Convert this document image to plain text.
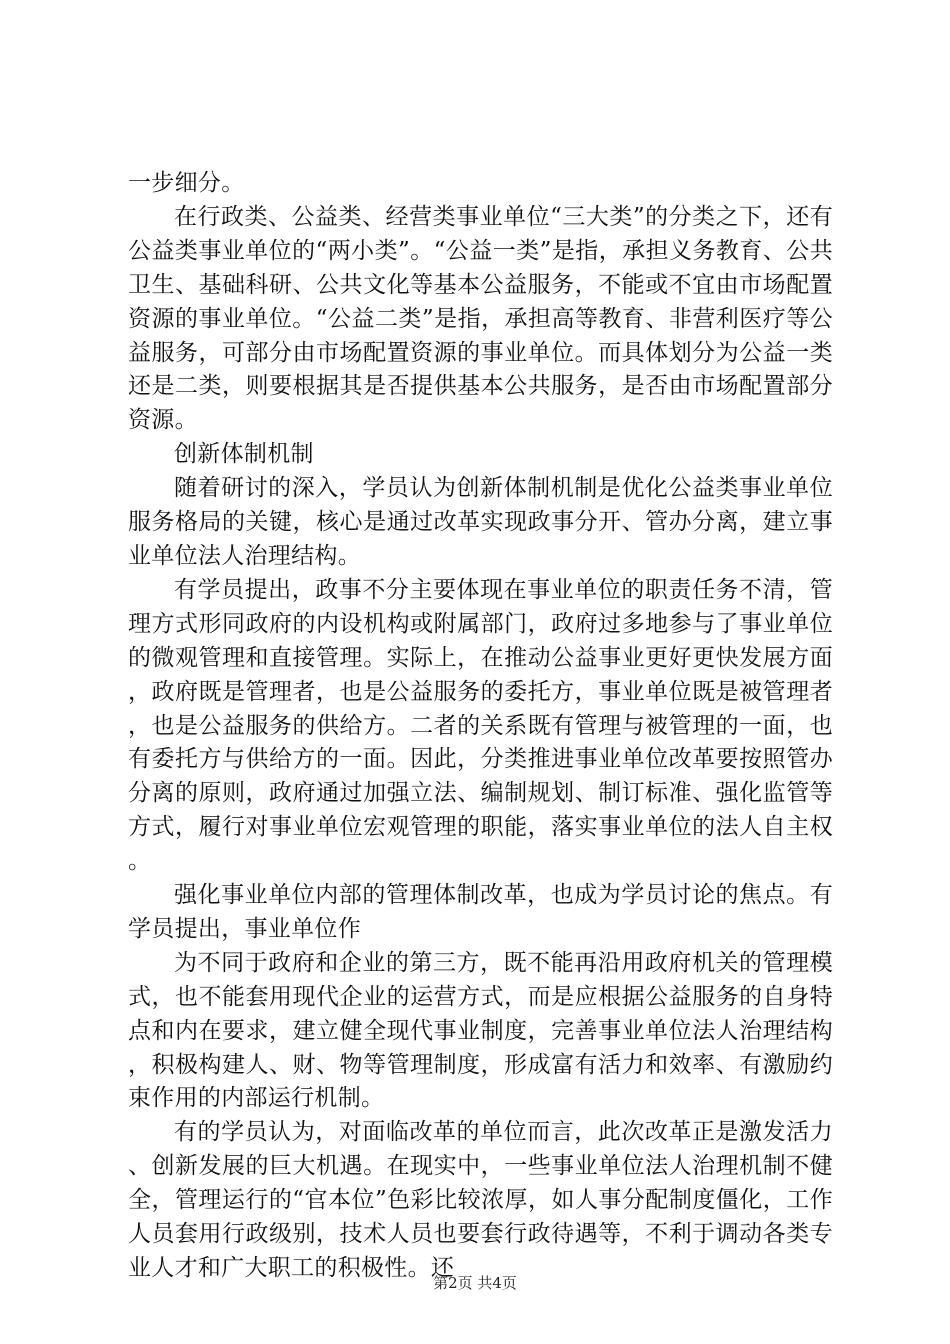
一步细分。

在行政类、公益类、经营类事业单位“三大类”的分类之下，还有公益类事业单位的“两小类”。“公益一类”是指，承担义务教育、公共卫生、基础科研、公共文化等基本公益服务，不能或不宜由市场配置资源的事业单位。“公益二类”是指，承担高等教育、非营利医疗等公益服务，可部分由市场配置资源的事业单位。而具体划分为公益一类还是二类，则要根据其是否提供基本公共服务，是否由市场配置部分资源。

创新体制机制

随着研讨的深入，学员认为创新体制机制是优化公益类事业单位服务格局的关键，核心是通过改革实现政事分开、管办分离，建立事业单位法人治理结构。

有学员提出，政事不分主要体现在事业单位的职责任务不清，管理方式形同政府的内设机构或附属部门，政府过多地参与了事业单位的微观管理和直接管理。实际上，在推动公益事业更好更快发展方面，政府既是管理者，也是公益服务的委托方，事业单位既是被管理者，也是公益服务的供给方。二者的关系既有管理与被管理的一面，也有委托方与供给方的一面。因此，分类推进事业单位改革要按照管办分离的原则，政府通过加强立法、编制规划、制订标准、强化监管等方式，履行对事业单位宏观管理的职能，落实事业单位的法人自主权。

强化事业单位内部的管理体制改革，也成为学员讨论的焦点。有学员提出，事业单位作

为不同于政府和企业的第三方，既不能再沿用政府机关的管理模式，也不能套用现代企业的运营方式，而是应根据公益服务的自身特点和内在要求，建立健全现代事业制度，完善事业单位法人治理结构，积极构建人、财、物等管理制度，形成富有活力和效率、有激励约束作用的内部运行机制。

有的学员认为，对面临改革的单位而言，此次改革正是激发活力、创新发展的巨大机遇。在现实中，一些事业单位法人治理机制不健全，管理运行的“官本位”色彩比较浓厚，如人事分配制度僵化，工作人员套用行政级别，技术人员也要套行政待遇等，不利于调动各类专业人才和广大职工的积极性。还

第2页 共4页
